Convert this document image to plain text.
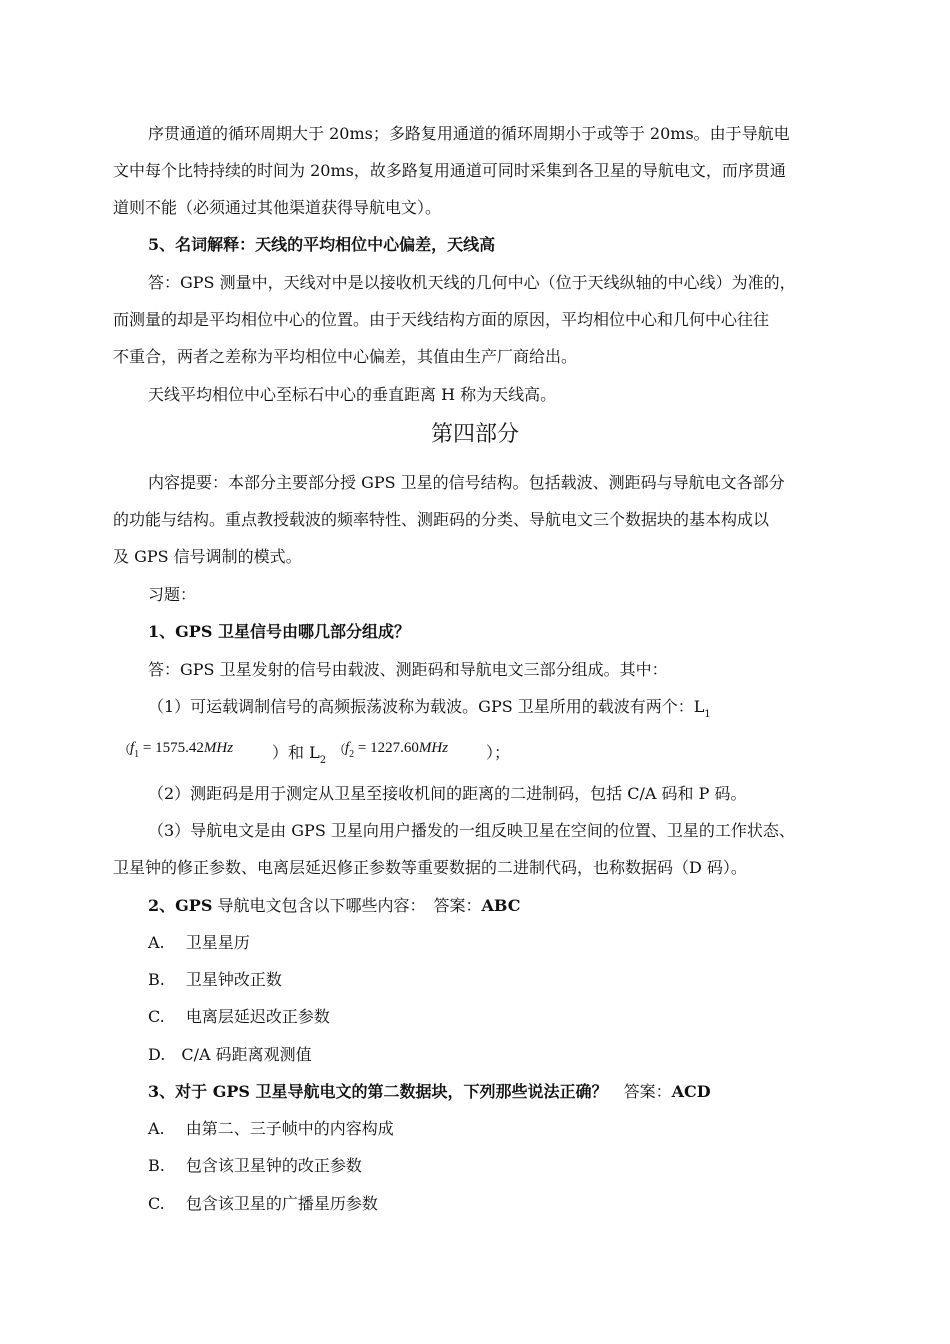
序贯通道的循环周期大于 20ms；多路复用通道的循环周期小于或等于 20ms。由于导航电
文中每个比特持续的时间为 20ms，故多路复用通道可同时采集到各卫星的导航电文，而序贯通
道则不能（必须通过其他渠道获得导航电文）。
5、名词解释：天线的平均相位中心偏差，天线高
答：GPS 测量中，天线对中是以接收机天线的几何中心（位于天线纵轴的中心线）为准的，
而测量的却是平均相位中心的位置。由于天线结构方面的原因，平均相位中心和几何中心往往
不重合，两者之差称为平均相位中心偏差，其值由生产厂商给出。
天线平均相位中心至标石中心的垂直距离 H 称为天线高。
第四部分
内容提要：本部分主要部分授 GPS 卫星的信号结构。包括载波、测距码与导航电文各部分
的功能与结构。重点教授载波的频率特性、测距码的分类、导航电文三个数据块的基本构成以
及 GPS 信号调制的模式。
习题：
1、GPS 卫星信号由哪几部分组成？
答：GPS 卫星发射的信号由载波、测距码和导航电文三部分组成。其中：
（1）可运载调制信号的高频振荡波称为载波。GPS 卫星所用的载波有两个：$L_1$
（
$f_1 = 1575.42MHz$ ）和 $L_2$
（
$f_2 = 1227.60MHz$ ）；
（2）测距码是用于测定从卫星至接收机间的距离的二进制码，包括 C/A 码和 P 码。
（3）导航电文是由 GPS 卫星向用户播发的一组反映卫星在空间的位置、卫星的工作状态、
卫星钟的修正参数、电离层延迟修正参数等重要数据的二进制代码，也称数据码（D 码）。
2、GPS 导航电文包含以下哪些内容：　答案：ABC
A.　 卫星星历
B.　 卫星钟改正数
C.　 电离层延迟改正参数
D.　C/A 码距离观测值
3、对于 GPS 卫星导航电文的第二数据块，下列那些说法正确？　答案：ACD
A.　 由第二、三子帧中的内容构成
B.　 包含该卫星钟的改正参数
C.　 包含该卫星的广播星历参数
